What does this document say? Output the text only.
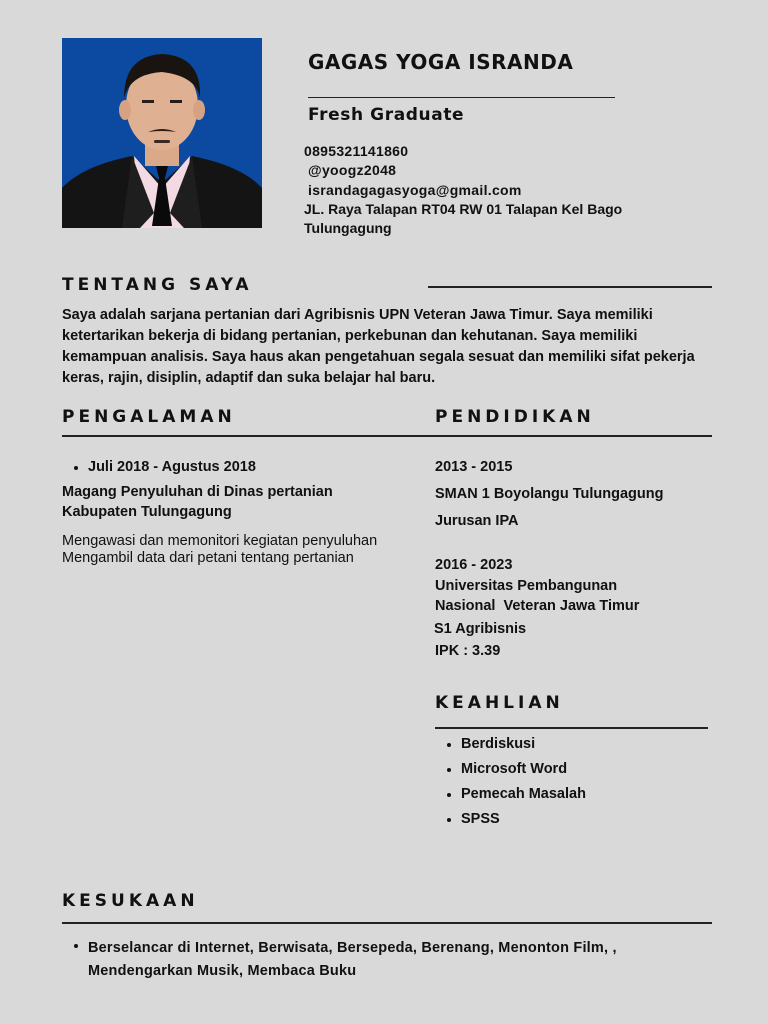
GAGAS YOGA ISRANDA
Fresh Graduate
0895321141860
@yoogz2048
israndagagasyoga@gmail.com
JL. Raya Talapan RT04 RW 01 Talapan Kel Bago Tulungagung
TENTANG SAYA
Saya adalah sarjana pertanian dari Agribisnis UPN Veteran Jawa Timur. Saya memiliki ketertarikan bekerja di bidang pertanian, perkebunan dan kehutanan. Saya memiliki kemampuan analisis. Saya haus akan pengetahuan segala sesuat dan memiliki sifat pekerja keras, rajin, disiplin, adaptif dan suka belajar hal baru.
PENGALAMAN
Juli 2018 - Agustus 2018
Magang Penyuluhan di Dinas pertanian Kabupaten Tulungagung
Mengawasi dan memonitori kegiatan penyuluhan
Mengambil data dari petani tentang pertanian
PENDIDIKAN
2013 - 2015
SMAN 1 Boyolangu Tulungagung
Jurusan IPA
2016 - 2023
Universitas Pembangunan
Nasional  Veteran Jawa Timur
S1 Agribisnis
IPK : 3.39
KEAHLIAN
Berdiskusi
Microsoft Word
Pemecah Masalah
SPSS
KESUKAAN
Berselancar di Internet, Berwisata, Bersepeda, Berenang, Menonton Film, , Mendengarkan Musik, Membaca Buku
